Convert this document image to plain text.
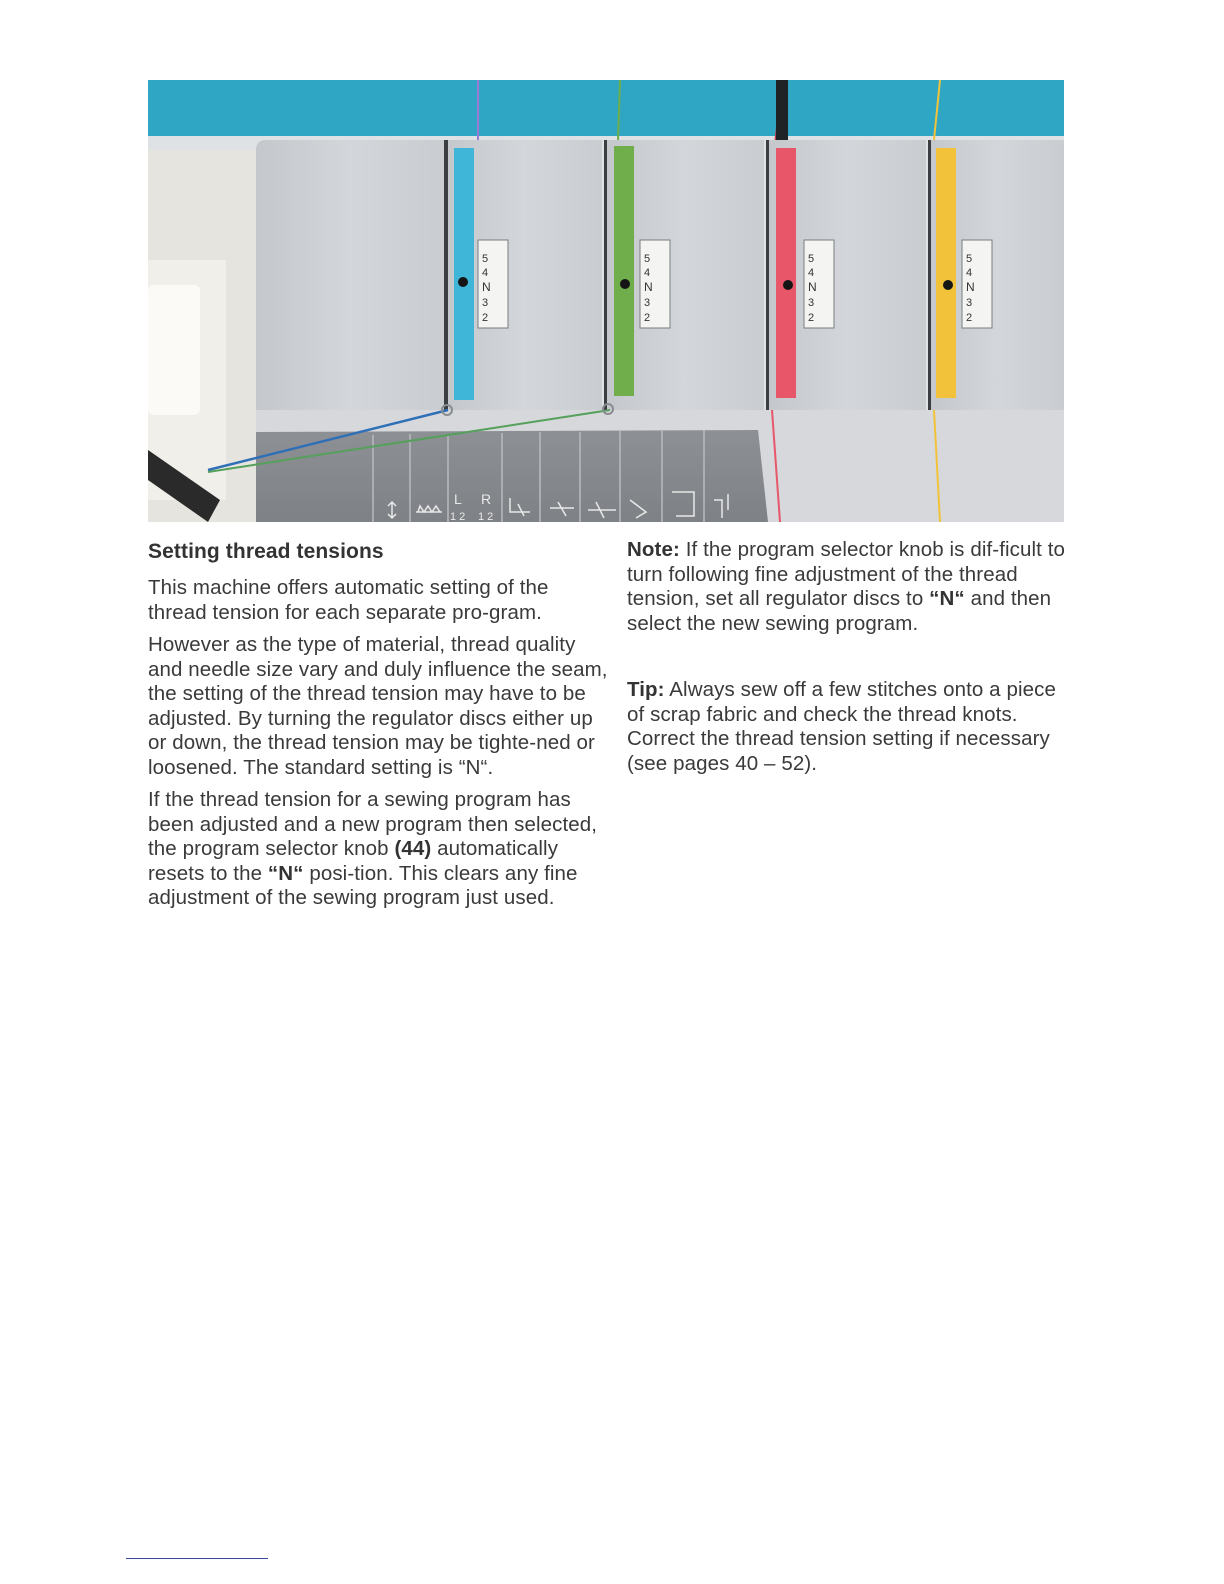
5
4
N
3
2
5
4
N
3
2
5
4
N
3
2
5
4
N
3
2
L R
1 2 1 2
Setting thread tensions

This machine offers automatic setting of the thread tension for each separate pro-gram.

However as the type of material, thread quality and needle size vary and duly influence the seam, the setting of the thread tension may have to be adjusted. By turning the regulator discs either up or down, the thread tension may be tighte-ned or loosened. The standard setting is “N“.

If the thread tension for a sewing program has been adjusted and a new program then selected, the program selector knob (44) automatically resets to the “N“ posi-tion. This clears any fine adjustment of the sewing program just used.

Note: If the program selector knob is dif-ficult to turn following fine adjustment of the thread tension, set all regulator discs to “N“ and then select the new sewing program.

Tip: Always sew off a few stitches onto a piece of scrap fabric and check the thread knots. Correct the thread tension setting if necessary (see pages 40 – 52).
